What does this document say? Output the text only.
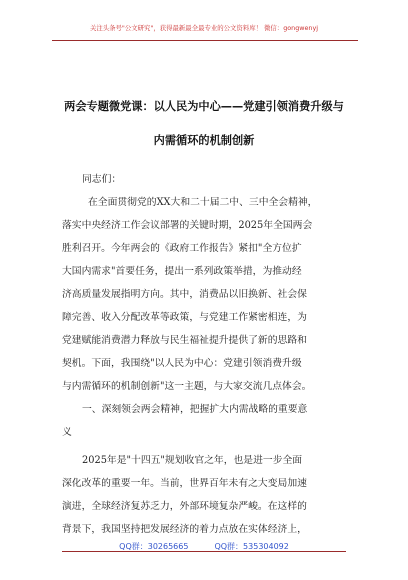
关注头条号"公文研究"，获得最新最全最专业的公文资料库！ 微信：gongwenyj
两会专题微党课：以人民为中心——党建引领消费升级与
内需循环的机制创新
同志们：
在全面贯彻党的XX大和二十届二中、三中全会精神，
落实中央经济工作会议部署的关键时期，2025年全国两会
胜利召开。今年两会的《政府工作报告》紧扣"全方位扩
大国内需求"首要任务，提出一系列政策举措，为推动经
济高质量发展指明方向。其中，消费品以旧换新、社会保
障完善、收入分配改革等政策，与党建工作紧密相连，为
党建赋能消费潜力释放与民生福祉提升提供了新的思路和
契机。下面，我围绕"以人民为中心：党建引领消费升级
与内需循环的机制创新"这一主题，与大家交流几点体会。
一、深刻领会两会精神，把握扩大内需战略的重要意
义
2025年是"十四五"规划收官之年，也是进一步全面
深化改革的重要一年。当前，世界百年未有之大变局加速
演进，全球经济复苏乏力，外部环境复杂严峻。在这样的
背景下，我国坚持把发展经济的着力点放在实体经济上，
QQ群：30265665	QQ群：535304092
